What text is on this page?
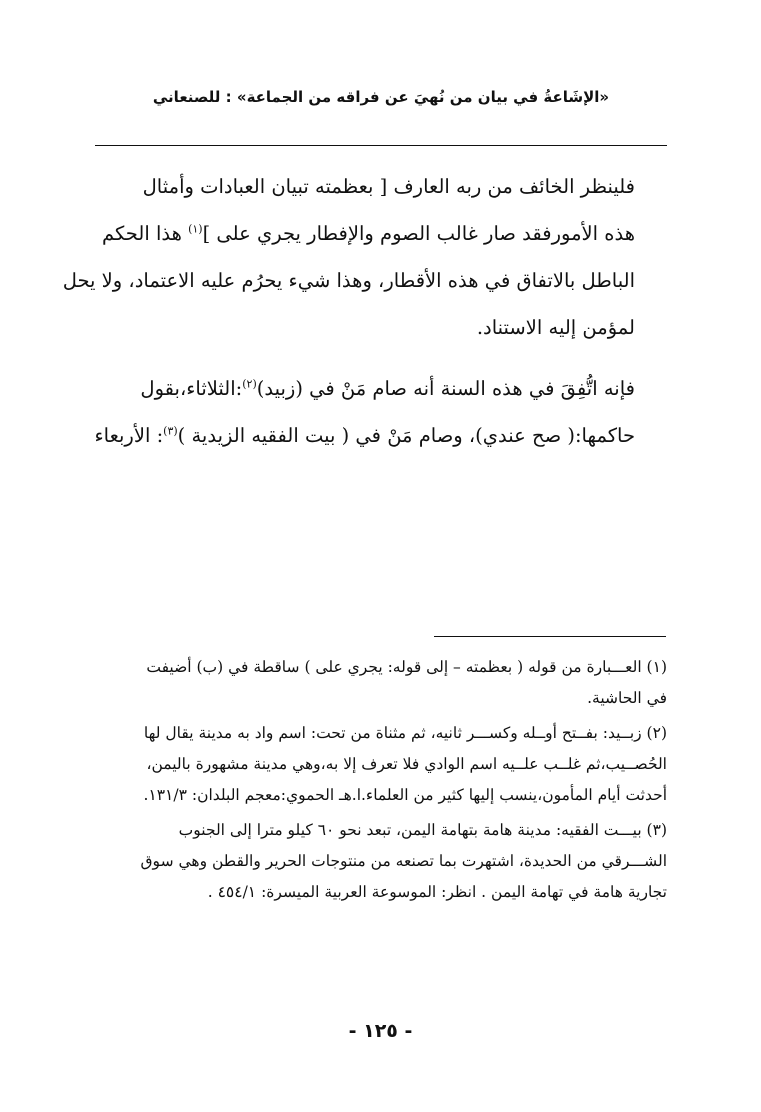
«الإشَاعةُ في بيان من نُهيَ عن فراقه من الجماعة» : للصنعاني

فلينظر الخائف من ربه العارف [ بعظمته تبيان العبادات وأمثال
هذه الأمورفقد صار غالب الصوم والإفطار يجري على ]$^{(١)}$ هذا الحكم
الباطل بالاتفاق في هذه الأقطار، وهذا شيء يحرُم عليه الاعتماد، ولا يحل
لمؤمن إليه الاستناد.

فإنه اتُّفِقَ في هذه السنة أنه صام مَنْ في (زبيد)$^{(٢)}$:الثلاثاء،بقول
حاكمها:( صح عندي)، وصام مَنْ في ( بيت الفقيه الزيدية )$^{(٣)}$: الأربعاء

(١) العـــبارة من قوله ( بعظمته – إلى قوله: يجري على ) ساقطة في (ب) أضيفت
في الحاشية.
(٢) زبــيد: بفــتح أوــله وكســـر ثانيه، ثم مثناة من تحت: اسم واد به مدينة يقال لها
الحُصــيب،ثم غلــب علــيه اسم الوادي فلا تعرف إلا به،وهي مدينة مشهورة باليمن،
أحدثت أيام المأمون،ينسب إليها كثير من العلماء.ا.هـ الحموي:معجم البلدان: ١٣١/٣.
(٣) بيـــت الفقيه: مدينة هامة بتهامة اليمن، تبعد نحو ٦٠ كيلو مترا إلى الجنوب
الشـــرقي من الحديدة، اشتهرت بما تصنعه من منتوجات الحرير والقطن وهي سوق
تجارية هامة في تهامة اليمن . انظر: الموسوعة العربية الميسرة: ٤٥٤/١ .
- ١٢٥ -
